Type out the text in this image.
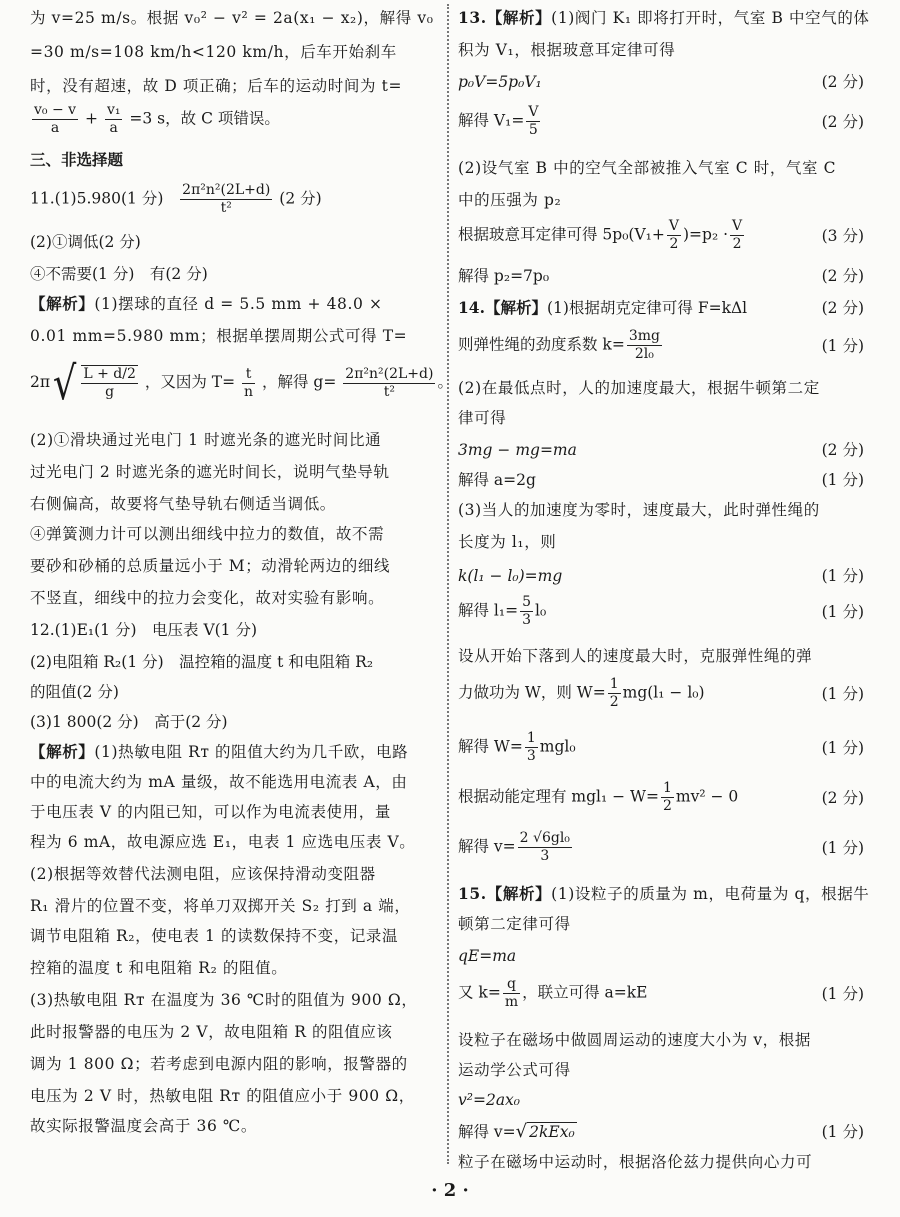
为 v=25 m/s。根据 v₀² − v² = 2a(x₁ − x₂)，解得 v₀
=30 m/s=108 km/h<120 km/h，后车开始刹车
时，没有超速，故 D 项正确；后车的运动时间为 t=
$\frac{\text{v₀ − v}}{a} + \frac{\text{v₁}}{a} =3$ s，故 C 项错误。
三、非选择题
11.(1)5.980(1 分) $\frac{\text{2π²n²(2L+d)}}{\text{t²}} (2$ 分)
(2)①调低(2 分)
④不需要(1 分)　有(2 分)
【解析】(1)摆球的直径 d = 5.5 mm + 48.0 ×
0.01 mm=5.980 mm；根据单摆周期公式可得 T=
$2\pi√ \frac{L + d/2}{g}$ ，又因为 $T= \frac{t}{n}$ ，解得 $g= \frac{\text{2π²n²(2L+d)}}{\text{t²}}$ 。
(2)①滑块通过光电门 1 时遮光条的遮光时间比通
过光电门 2 时遮光条的遮光时间长，说明气垫导轨
右侧偏高，故要将气垫导轨右侧适当调低。
④弹簧测力计可以测出细线中拉力的数值，故不需
要砂和砂桶的总质量远小于 M；动滑轮两边的细线
不竖直，细线中的拉力会变化，故对实验有影响。
12.(1)E₁(1 分)　电压表 V(1 分)
(2)电阻箱 R₂(1 分)　温控箱的温度 t 和电阻箱 R₂
的阻值(2 分)
(3)1 800(2 分)　高于(2 分)
【解析】(1)热敏电阻 Rᴛ 的阻值大约为几千欧，电路
中的电流大约为 mA 量级，故不能选用电流表 A，由
于电压表 V 的内阻已知，可以作为电流表使用，量
程为 6 mA，故电源应选 E₁，电表 1 应选电压表 V。
(2)根据等效替代法测电阻，应该保持滑动变阻器
R₁ 滑片的位置不变，将单刀双掷开关 S₂ 打到 a 端，
调节电阻箱 R₂，使电表 1 的读数保持不变，记录温
控箱的温度 t 和电阻箱 R₂ 的阻值。
(3)热敏电阻 Rᴛ 在温度为 36 ℃时的阻值为 900 Ω，
此时报警器的电压为 2 V，故电阻箱 R 的阻值应该
调为 1 800 Ω；若考虑到电源内阻的影响，报警器的
电压为 2 V 时，热敏电阻 Rᴛ 的阻值应小于 900 Ω，
故实际报警温度会高于 36 ℃。
13.【解析】(1)阀门 K₁ 即将打开时，气室 B 中空气的体
积为 V₁，根据玻意耳定律可得
p₀V=5p₀V₁	(2 分)
解得 $V_1= \frac{V}{5}$	(2 分)
(2)设气室 B 中的空气全部被推入气室 C 时，气室 C
中的压强为 p₂
根据玻意耳定律可得 $5p_0(V_1+ \frac{V}{2} )=p_2 \cdot \frac{V}{2}$	(3 分)
解得 p₂=7p₀	(2 分)
14.【解析】(1)根据胡克定律可得 F=kΔl	(2 分)
则弹性绳的劲度系数 $k= \frac{3mg}{\text{2l₀}}$	(1 分)
(2)在最低点时，人的加速度最大，根据牛顿第二定
律可得
3mg − mg=ma	(2 分)
解得 a=2g	(1 分)
(3)当人的加速度为零时，速度最大，此时弹性绳的
长度为 l₁，则
k(l₁ − l₀)=mg	(1 分)
解得 $l_1= \frac{5}{3} l_0$	(1 分)
设从开始下落到人的速度最大时，克服弹性绳的弹
力做功为 W，则 $W= \frac{1}{2} mg(l_1 - l_0)$	(1 分)
解得 $W= \frac{1}{3} mgl_0$	(1 分)
根据动能定理有 $mgl_1 - W= \frac{1}{2} mv^2 - 0$	(2 分)
解得 $v= \frac{\text{2 √6gl₀}}{3}$	(1 分)
15.【解析】(1)设粒子的质量为 m，电荷量为 q，根据牛
顿第二定律可得
qE=ma
又 $k= \frac{q}{m}$ ，联立可得 a=kE	(1 分)
设粒子在磁场中做圆周运动的速度大小为 v，根据
运动学公式可得
v²=2ax₀
解得 v=√ 2kEx₀	(1 分)
粒子在磁场中运动时，根据洛伦兹力提供向心力可
· 2 ·
